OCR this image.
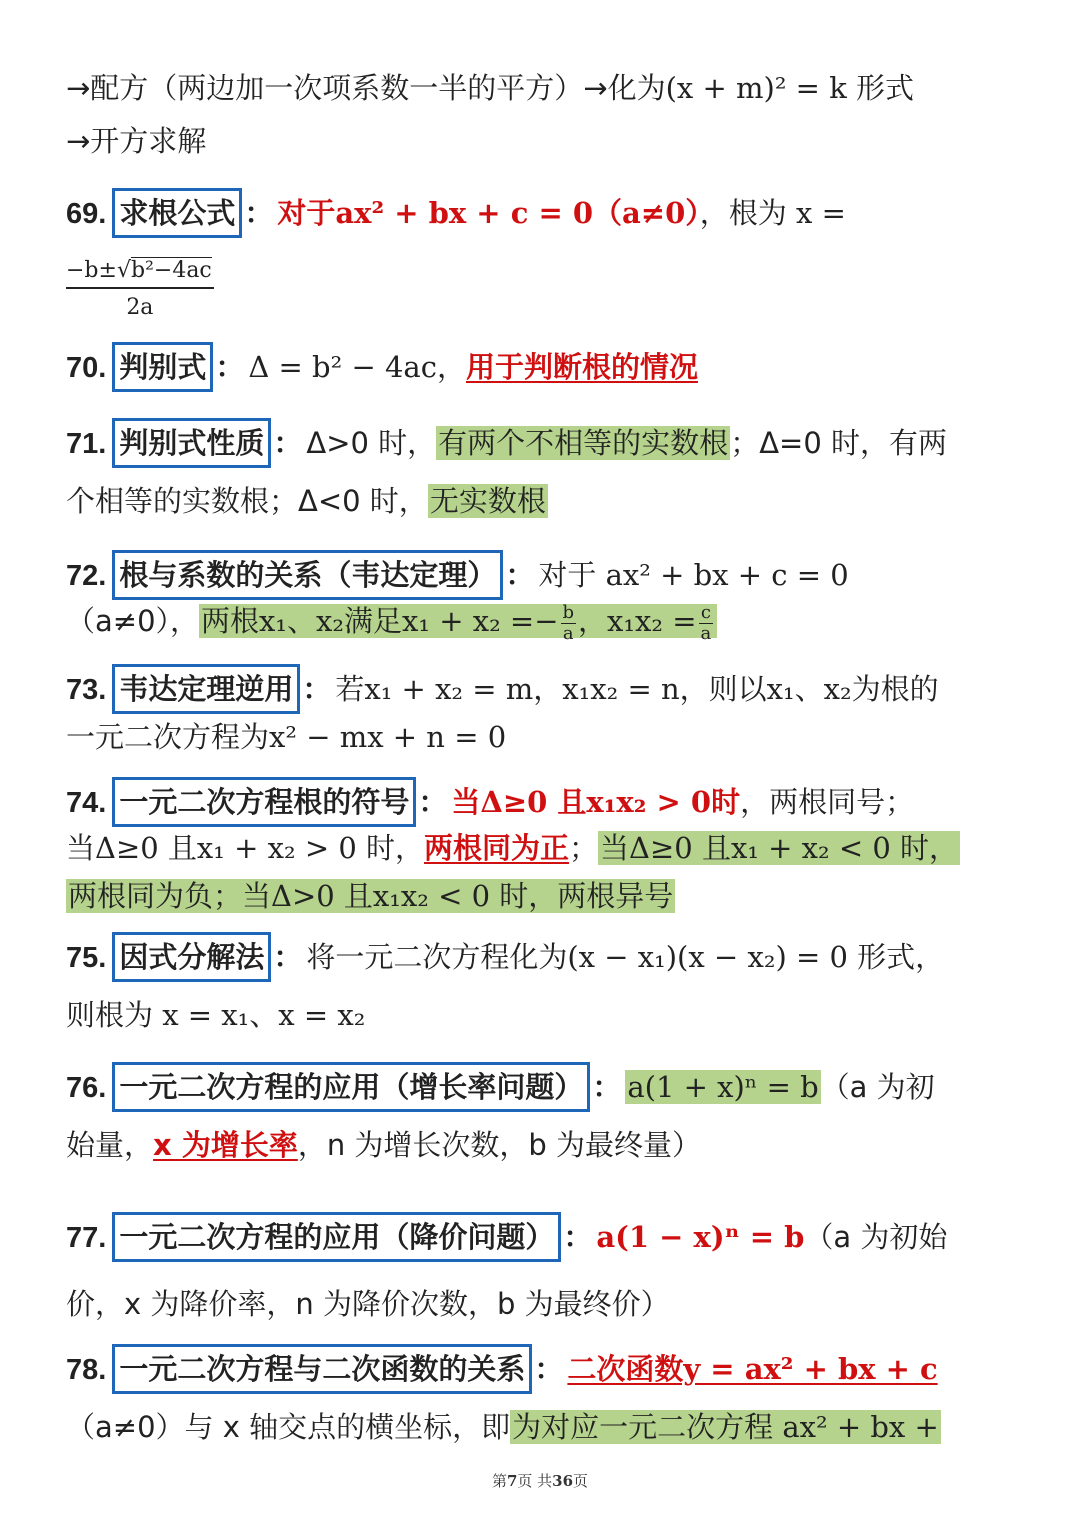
→配方（两边加一次项系数一半的平方）→化为(x + m)² = k 形式
→开方求解
69. 求根公式 ： 对于ax² + bx + c = 0（a≠0），根为 x =
−b±√b²−4ac
2a
70. 判别式 ： Δ = b² − 4ac，用于判断根的情况
71. 判别式性质 ： Δ>0 时，有两个不相等的实数根；Δ=0 时，有两
个相等的实数根；Δ<0 时，无实数根
72. 根与系数的关系（韦达定理） ： 对于 ax² + bx + c = 0
（a≠0），两根x₁、x₂满足$x_1 + x_2 =- \frac{b}{a}$ ，$x_1x_2 = \frac{c}{a}$
73. 韦达定理逆用 ： 若x₁ + x₂ = m，x₁x₂ = n，则以x₁、x₂为根的
一元二次方程为x² − mx + n = 0
74. 一元二次方程根的符号 ： 当Δ≥0 且x₁x₂ > 0时，两根同号；
当Δ≥0 且x₁ + x₂ > 0 时，两根同为正；当Δ≥0 且x₁ + x₂ < 0 时，
两根同为负；当Δ>0 且x₁x₂ < 0 时，两根异号
75. 因式分解法 ： 将一元二次方程化为(x − x₁)(x − x₂) = 0 形式，
则根为 x = x₁、x = x₂
76. 一元二次方程的应用（增长率问题） ： a(1 + x)ⁿ = b（a 为初
始量，x 为增长率，n 为增长次数，b 为最终量）
77. 一元二次方程的应用（降价问题） ： a(1 − x)ⁿ = b（a 为初始
价，x 为降价率，n 为降价次数，b 为最终价）
78. 一元二次方程与二次函数的关系 ： 二次函数y = ax² + bx + c
（a≠0）与 x 轴交点的横坐标，即为对应一元二次方程 ax² + bx +
第7页 共36页
